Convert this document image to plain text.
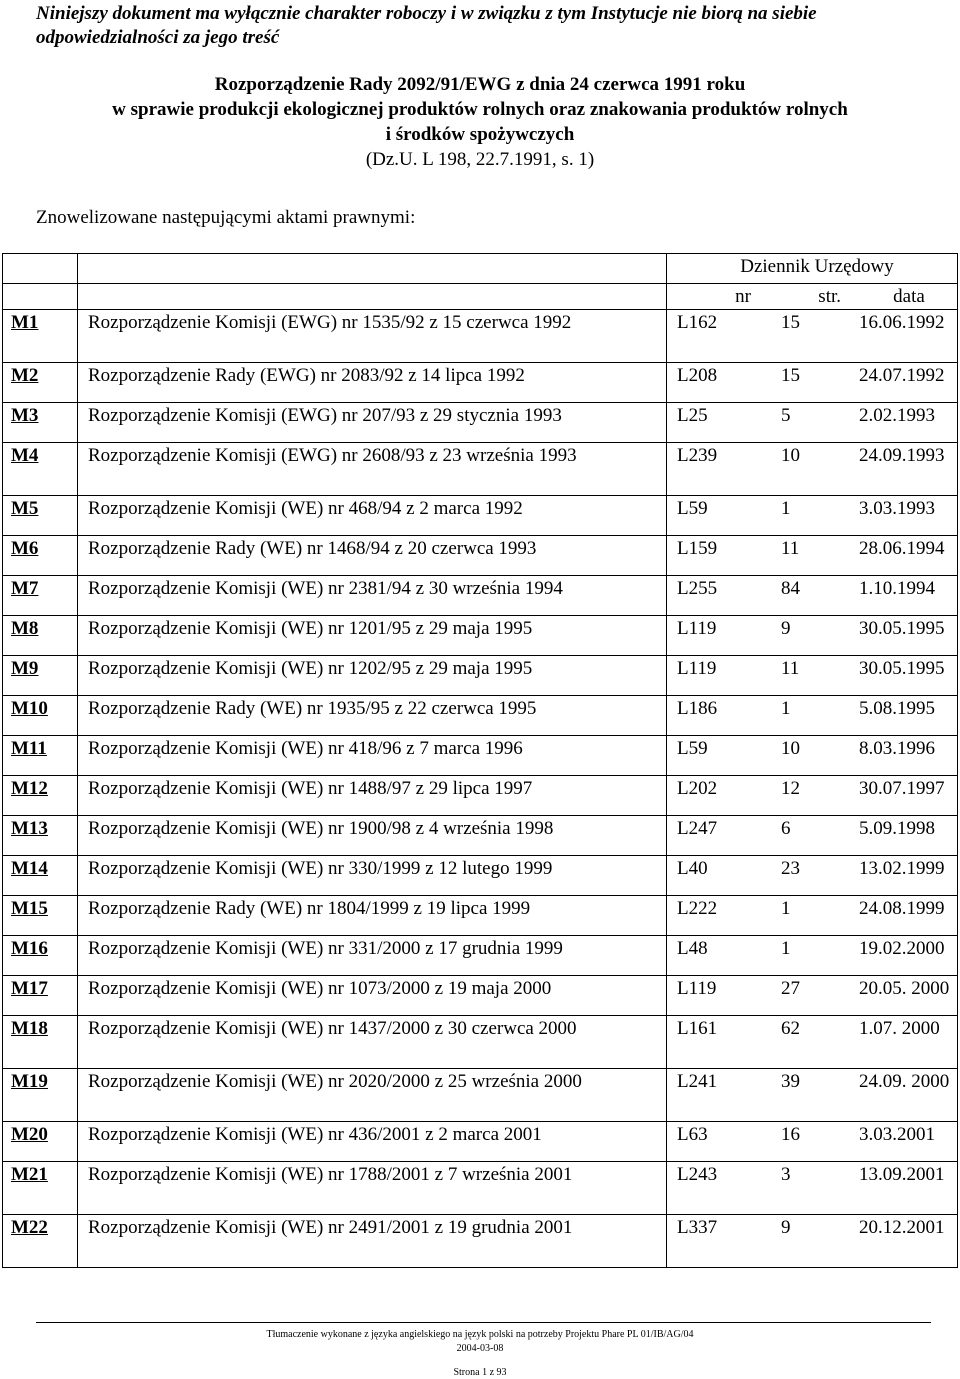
Niniejszy dokument ma wyłącznie charakter roboczy i w związku z tym Instytucje nie biorą na siebie odpowiedzialności za jego treść
Rozporządzenie Rady 2092/91/EWG z dnia 24 czerwca 1991 roku
w sprawie produkcji ekologicznej produktów rolnych oraz znakowania produktów rolnych
i środków spożywczych
(Dz.U. L 198, 22.7.1991, s. 1)
Znowelizowane następującymi aktami prawnymi:
		Dziennik Urzędowy

		nr str. data

M1	Rozporządzenie Komisji (EWG) nr 1535/92 z 15 czerwca 1992	L162 15 16.06.1992

M2	Rozporządzenie Rady (EWG) nr 2083/92 z 14 lipca 1992	L208 15 24.07.1992

M3	Rozporządzenie Komisji (EWG) nr 207/93 z 29 stycznia 1993	L25 5 2.02.1993

M4	Rozporządzenie Komisji (EWG) nr 2608/93 z 23 września 1993	L239 10 24.09.1993

M5	Rozporządzenie Komisji (WE) nr 468/94 z 2 marca 1992	L59 1 3.03.1993

M6	Rozporządzenie Rady (WE) nr 1468/94 z 20 czerwca 1993	L159 11 28.06.1994

M7	Rozporządzenie Komisji (WE) nr 2381/94 z 30 września 1994	L255 84 1.10.1994

M8	Rozporządzenie Komisji (WE) nr 1201/95 z 29 maja 1995	L119 9 30.05.1995

M9	Rozporządzenie Komisji (WE) nr 1202/95 z 29 maja 1995	L119 11 30.05.1995

M10	Rozporządzenie Rady (WE) nr 1935/95 z 22 czerwca 1995	L186 1 5.08.1995

M11	Rozporządzenie Komisji (WE) nr 418/96 z 7 marca 1996	L59 10 8.03.1996

M12	Rozporządzenie Komisji (WE) nr 1488/97 z 29 lipca 1997	L202 12 30.07.1997

M13	Rozporządzenie Komisji (WE) nr 1900/98 z 4 września 1998	L247 6 5.09.1998

M14	Rozporządzenie Komisji (WE) nr 330/1999 z 12 lutego 1999	L40 23 13.02.1999

M15	Rozporządzenie Rady (WE) nr 1804/1999 z 19 lipca 1999	L222 1 24.08.1999

M16	Rozporządzenie Komisji (WE) nr 331/2000 z 17 grudnia 1999	L48 1 19.02.2000

M17	Rozporządzenie Komisji (WE) nr 1073/2000 z 19 maja 2000	L119 27 20.05. 2000

M18	Rozporządzenie Komisji (WE) nr 1437/2000 z 30 czerwca 2000	L161 62 1.07. 2000

M19	Rozporządzenie Komisji (WE) nr 2020/2000 z 25 września 2000	L241 39 24.09. 2000

M20	Rozporządzenie Komisji (WE) nr 436/2001 z 2 marca 2001	L63 16 3.03.2001

M21	Rozporządzenie Komisji (WE) nr 1788/2001 z 7 września 2001	L243 3 13.09.2001

M22	Rozporządzenie Komisji (WE) nr 2491/2001 z 19 grudnia 2001	L337 9 20.12.2001
Tłumaczenie wykonane z języka angielskiego na język polski na potrzeby Projektu Phare PL 01/IB/AG/04
2004-03-08
Strona 1 z 93
